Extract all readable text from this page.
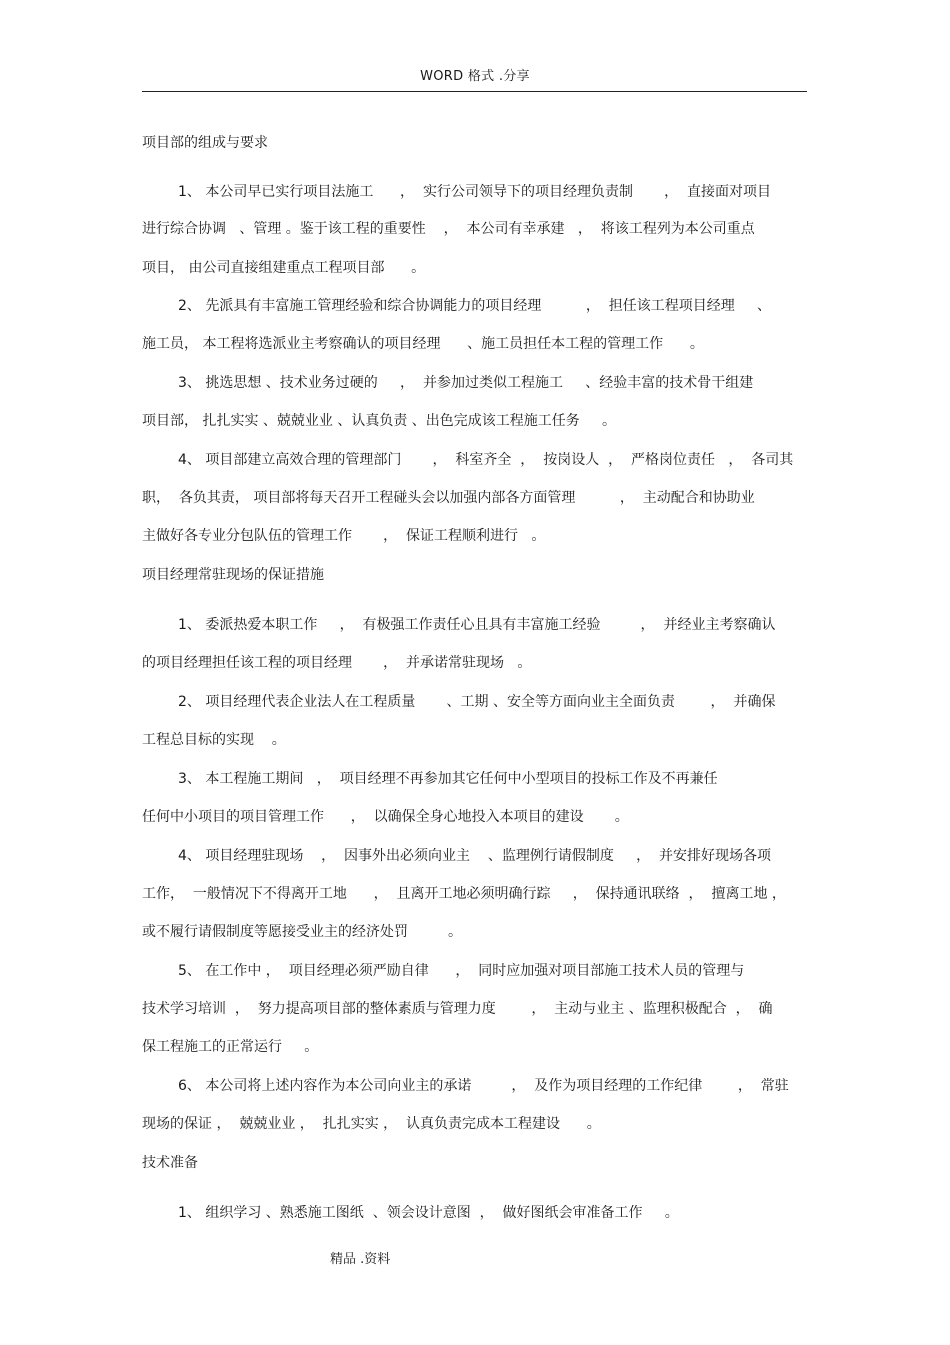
WORD 格式 .分享
项目部的组成与要求
1、 本公司早已实行项目法施工      ，  实行公司领导下的项目经理负责制       ，  直接面对项目
进行综合协调   、管理 。鉴于该工程的重要性    ，  本公司有幸承建   ，  将该工程列为本公司重点
项目， 由公司直接组建重点工程项目部      。
2、 先派具有丰富施工管理经验和综合协调能力的项目经理          ，  担任该工程项目经理     、
施工员， 本工程将选派业主考察确认的项目经理      、施工员担任本工程的管理工作      。
3、 挑选思想 、技术业务过硬的     ，  并参加过类似工程施工     、经验丰富的技术骨干组建
项目部， 扎扎实实 、兢兢业业 、认真负责 、出色完成该工程施工任务     。
4、 项目部建立高效合理的管理部门       ，  科室齐全  ，  按岗设人  ，  严格岗位责任   ，  各司其
职，  各负其责， 项目部将每天召开工程碰头会以加强内部各方面管理          ，  主动配合和协助业
主做好各专业分包队伍的管理工作       ，  保证工程顺利进行   。
项目经理常驻现场的保证措施
1、 委派热爱本职工作     ，  有极强工作责任心且具有丰富施工经验         ，  并经业主考察确认
的项目经理担任该工程的项目经理       ，  并承诺常驻现场   。
2、 项目经理代表企业法人在工程质量       、工期 、安全等方面向业主全面负责        ，  并确保
工程总目标的实现    。
3、 本工程施工期间   ，  项目经理不再参加其它任何中小型项目的投标工作及不再兼任
任何中小项目的项目管理工作      ，  以确保全身心地投入本项目的建设       。
4、 项目经理驻现场    ，  因事外出必须向业主    、监理例行请假制度     ，  并安排好现场各项
工作，  一般情况下不得离开工地      ，  且离开工地必须明确行踪     ，  保持通讯联络  ，  擅离工地 ，
或不履行请假制度等愿接受业主的经济处罚         。
5、 在工作中 ，  项目经理必须严励自律      ，  同时应加强对项目部施工技术人员的管理与
技术学习培训  ，  努力提高项目部的整体素质与管理力度        ，  主动与业主 、监理积极配合  ，  确
保工程施工的正常运行     。
6、 本公司将上述内容作为本公司向业主的承诺         ，  及作为项目经理的工作纪律        ，  常驻
现场的保证 ，  兢兢业业 ，  扎扎实实 ，  认真负责完成本工程建设      。
技术准备
1、 组织学习 、熟悉施工图纸  、领会设计意图  ，  做好图纸会审准备工作     。
精品 .资料
